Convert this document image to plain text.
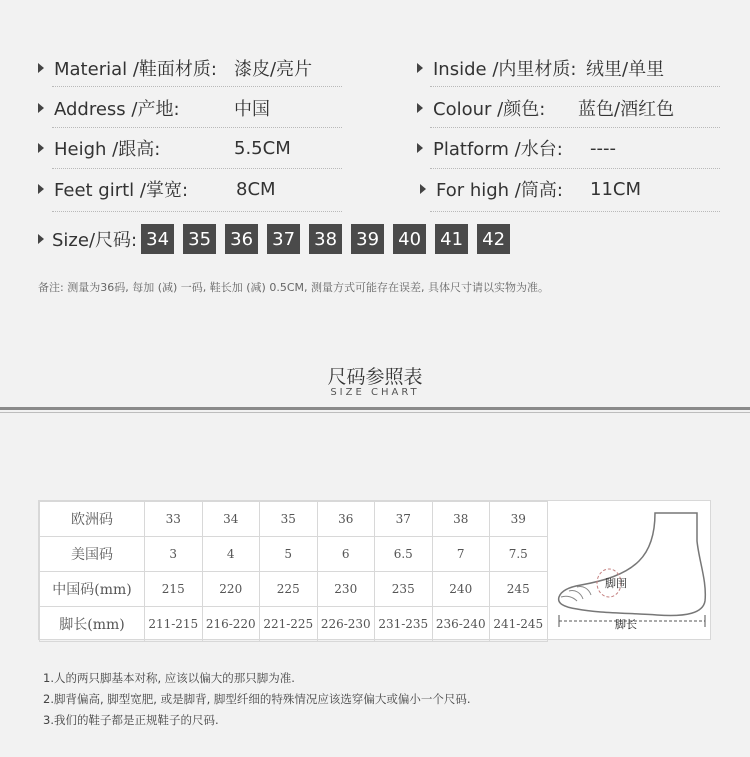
Material /鞋面材质: 漆皮/亮片	Inside /内里材质: 绒里/单里
Address /产地:	中国	Colour /颜色: 蓝色/酒红色
Heigh /跟高:	5.5CM	Platform /水台: ----
Feet girtl /掌宽:	8CM	For high /筒高: 11CM
Size/尺码: 34 35 36 37 38 39 40 41 42
备注: 测量为36码, 每加 (减) 一码, 鞋长加 (减) 0.5CM, 测量方式可能存在误差, 具体尺寸请以实物为准。
尺码参照表
SIZE CHART
欧洲码	33	34	35	36	37	38	39
美国码	3	4	5	6	6.5	7	7.5
中国码(mm)	215	220	225	230	235	240	245
脚长(mm)	211-215	216-220	221-225	226-230	231-235	236-240	241-245
脚围
脚长
1.人的两只脚基本对称, 应该以偏大的那只脚为准.
2.脚背偏高, 脚型宽肥, 或是脚背, 脚型纤细的特殊情况应该选穿偏大或偏小一个尺码.
3.我们的鞋子都是正规鞋子的尺码.
